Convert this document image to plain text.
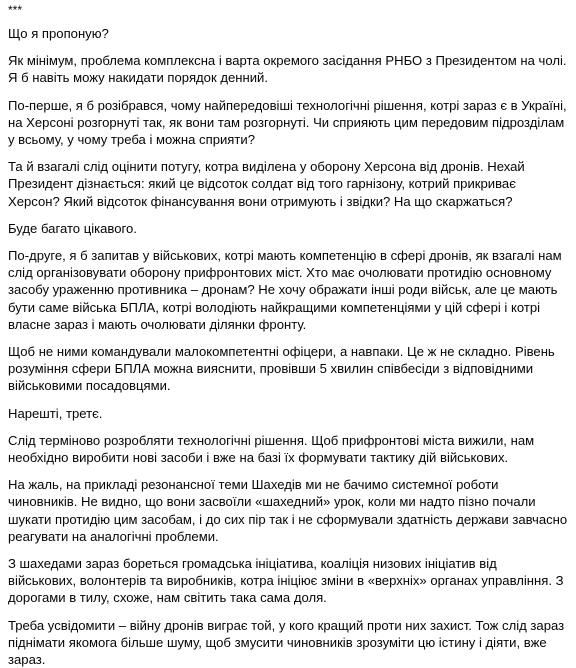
***

Що я пропоную?

Як мінімум, проблема комплексна і варта окремого засідання РНБО з Президентом на чолі. Я б навіть можу накидати порядок денний.

По-перше, я б розібрався, чому найпередовіші технологічні рішення, котрі зараз є в Україні, на Херсоні розгорнуті так, як вони там розгорнуті. Чи сприяють цим передовим підрозділам у всьому, у чому треба і можна сприяти?

Та й взагалі слід оцінити потугу, котра виділена у оборону Херсона від дронів. Нехай Президент дізнається: який це відсоток солдат від того гарнізону, котрий прикриває Херсон? Який відсоток фінансування вони отримують і звідки? На що скаржаться?

Буде багато цікавого.

По-друге, я б запитав у військових, котрі мають компетенцію в сфері дронів, як взагалі нам слід організовувати оборону прифронтових міст. Хто має очолювати протидію основному засобу ураженню противника – дронам? Не хочу ображати інші роди військ, але це мають бути саме війська БПЛА, котрі володіють найкращими компетенціями у цій сфері і котрі власне зараз і мають очолювати ділянки фронту.

Щоб не ними командували малокомпетентні офіцери, а навпаки. Це ж не складно. Рівень розуміння сфери БПЛА можна вияснити, провівши 5 хвилин співбесіди з відповідними військовими посадовцями.

Нарешті, третє.

Слід терміново розробляти технологічні рішення. Щоб прифронтові міста вижили, нам необхідно виробити нові засоби і вже на базі їх формувати тактику дій військових.

На жаль, на прикладі резонансної теми Шахедів ми не бачимо системної роботи чиновників. Не видно, що вони засвоїли «шахедний» урок, коли ми надто пізно почали шукати протидію цим засобам, і до сих пір так і не сформували здатність держави завчасно реагувати на аналогічні проблеми.

З шахедами зараз бореться громадська ініціатива, коаліція низових ініціатив від військових, волонтерів та виробників, котра ініціює зміни в «верхніх» органах управління. З дорогами в тилу, схоже, нам світить така сама доля.

Треба усвідомити – війну дронів виграє той, у кого кращий проти них захист. Тож слід зараз піднімати якомога більше шуму, щоб змусити чиновників зрозуміти цю істину і діяти, вже зараз.
